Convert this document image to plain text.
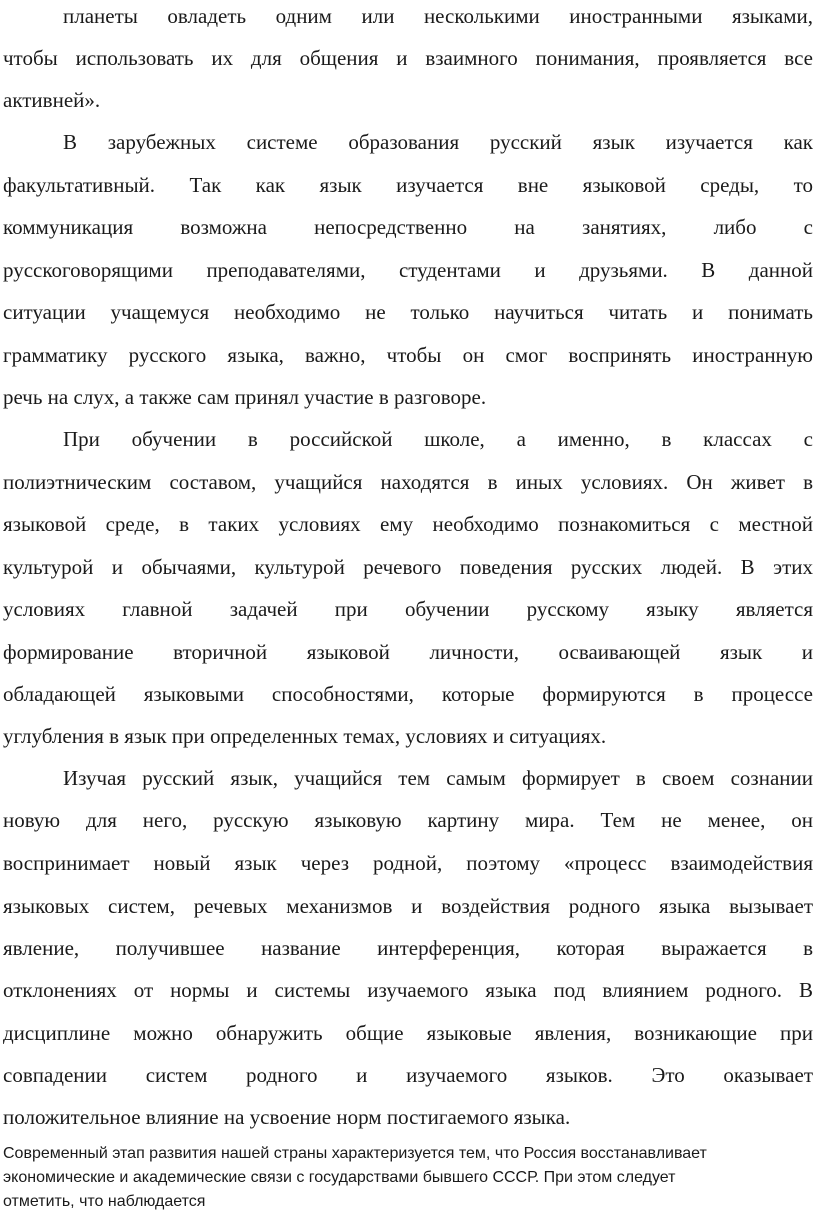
планеты овладеть одним или несколькими иностранными языками,
чтобы использовать их для общения и взаимного понимания, проявляется все
активней».
В зарубежных системе образования русский язык изучается как
факультативный. Так как язык изучается вне языковой среды, то
коммуникация возможна непосредственно на занятиях, либо с
русскоговорящими преподавателями, студентами и друзьями. В данной
ситуации учащемуся необходимо не только научиться читать и понимать
грамматику русского языка, важно, чтобы он смог воспринять иностранную
речь на слух, а также сам принял участие в разговоре.
При обучении в российской школе, а именно, в классах с
полиэтническим составом, учащийся находятся в иных условиях. Он живет в
языковой среде, в таких условиях ему необходимо познакомиться с местной
культурой и обычаями, культурой речевого поведения русских людей. В этих
условиях главной задачей при обучении русскому языку является
формирование вторичной языковой личности, осваивающей язык и
обладающей языковыми способностями, которые формируются в процессе
углубления в язык при определенных темах, условиях и ситуациях.
Изучая русский язык, учащийся тем самым формирует в своем сознании
новую для него, русскую языковую картину мира. Тем не менее, он
воспринимает новый язык через родной, поэтому «процесс взаимодействия
языковых систем, речевых механизмов и воздействия родного языка вызывает
явление, получившее название интерференция, которая выражается в
отклонениях от нормы и системы изучаемого языка под влиянием родного. В
дисциплине можно обнаружить общие языковые явления, возникающие при
совпадении систем родного и изучаемого языков. Это оказывает
положительное влияние на усвоение норм постигаемого языка.
Современный этап развития нашей страны характеризуется тем, что Россия восстанавливает
экономические и академические связи с государствами бывшего СССР. При этом следует
отметить, что наблюдается
